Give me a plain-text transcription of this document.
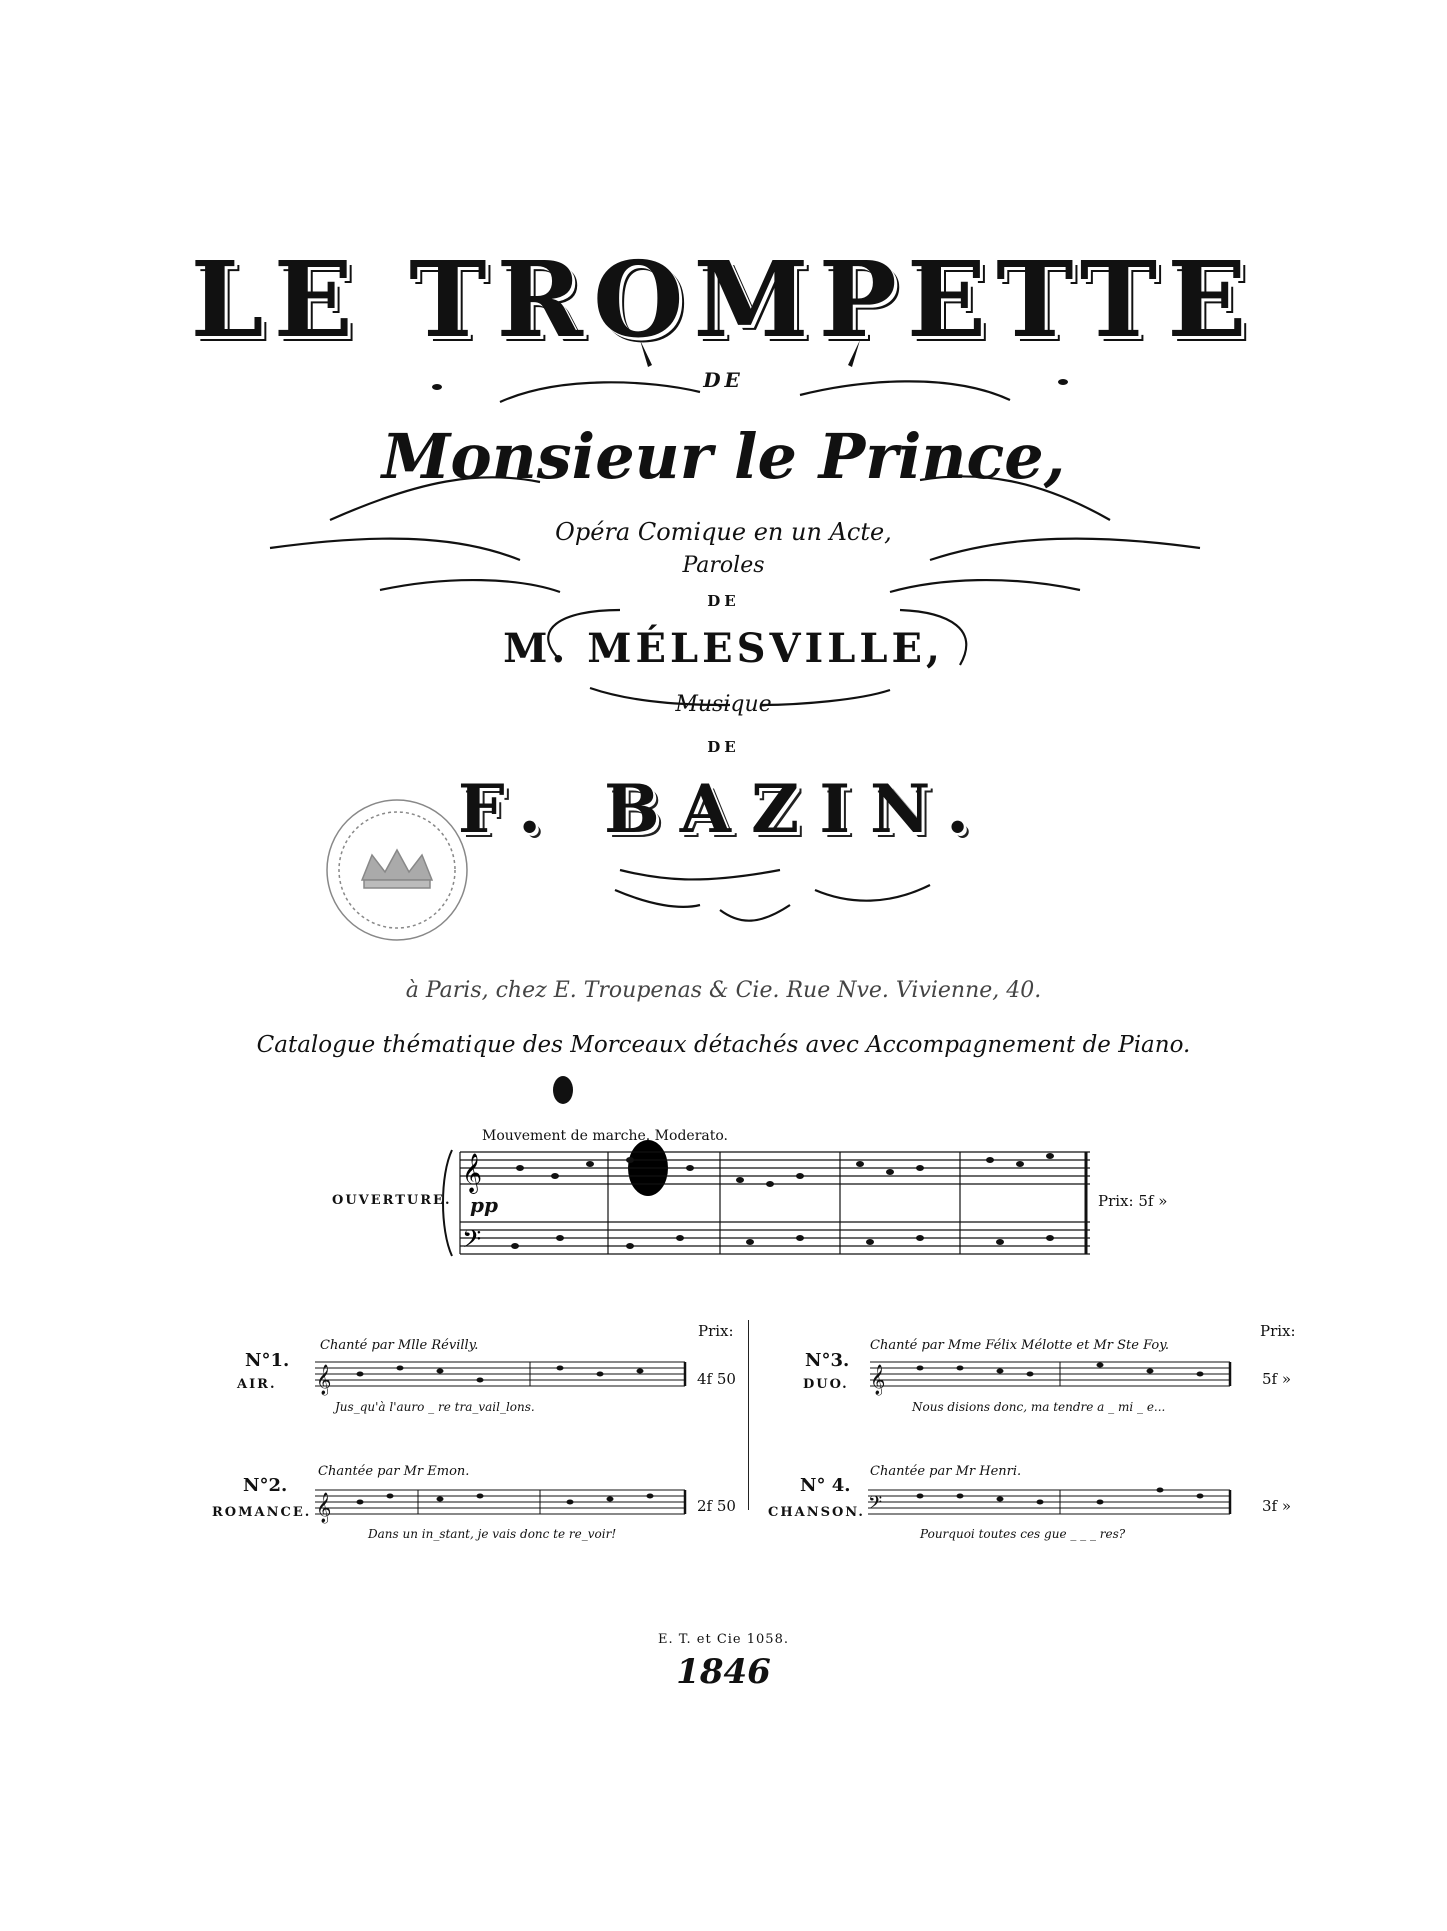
LE TROMPETTE
DE
Monsieur le Prince,
Opéra Comique en un Acte,
Paroles
DE
M. MÉLESVILLE,
Musique
DE
F. BAZIN.
à Paris, chez E. Troupenas & Cie. Rue Nve. Vivienne, 40.
Catalogue thématique des Morceaux détachés avec Accompagnement de Piano.
Mouvement de marche. Moderato.
OUVERTURE. pp	Prix: 5f »
𝄞
𝄢
Prix:	Prix:
N°1.
AIR.
Chanté par Mlle Révilly.
Jus_qu'à l'auro _ re tra_vail_lons.
4f 50
N°2.
ROMANCE.
Chantée par Mr Emon.
Dans un in_stant, je vais donc te re_voir!
2f 50
N°3.
DUO.
Chanté par Mme Félix Mélotte et Mr Ste Foy.
Nous disions donc, ma tendre a _ mi _ e...
5f »
N° 4.
CHANSON.
Chantée par Mr Henri.
Pourquoi toutes ces gue _ _ _ res?
3f »
𝄞
𝄞
𝄞
𝄢
E. T. et Cie 1058.
1846
